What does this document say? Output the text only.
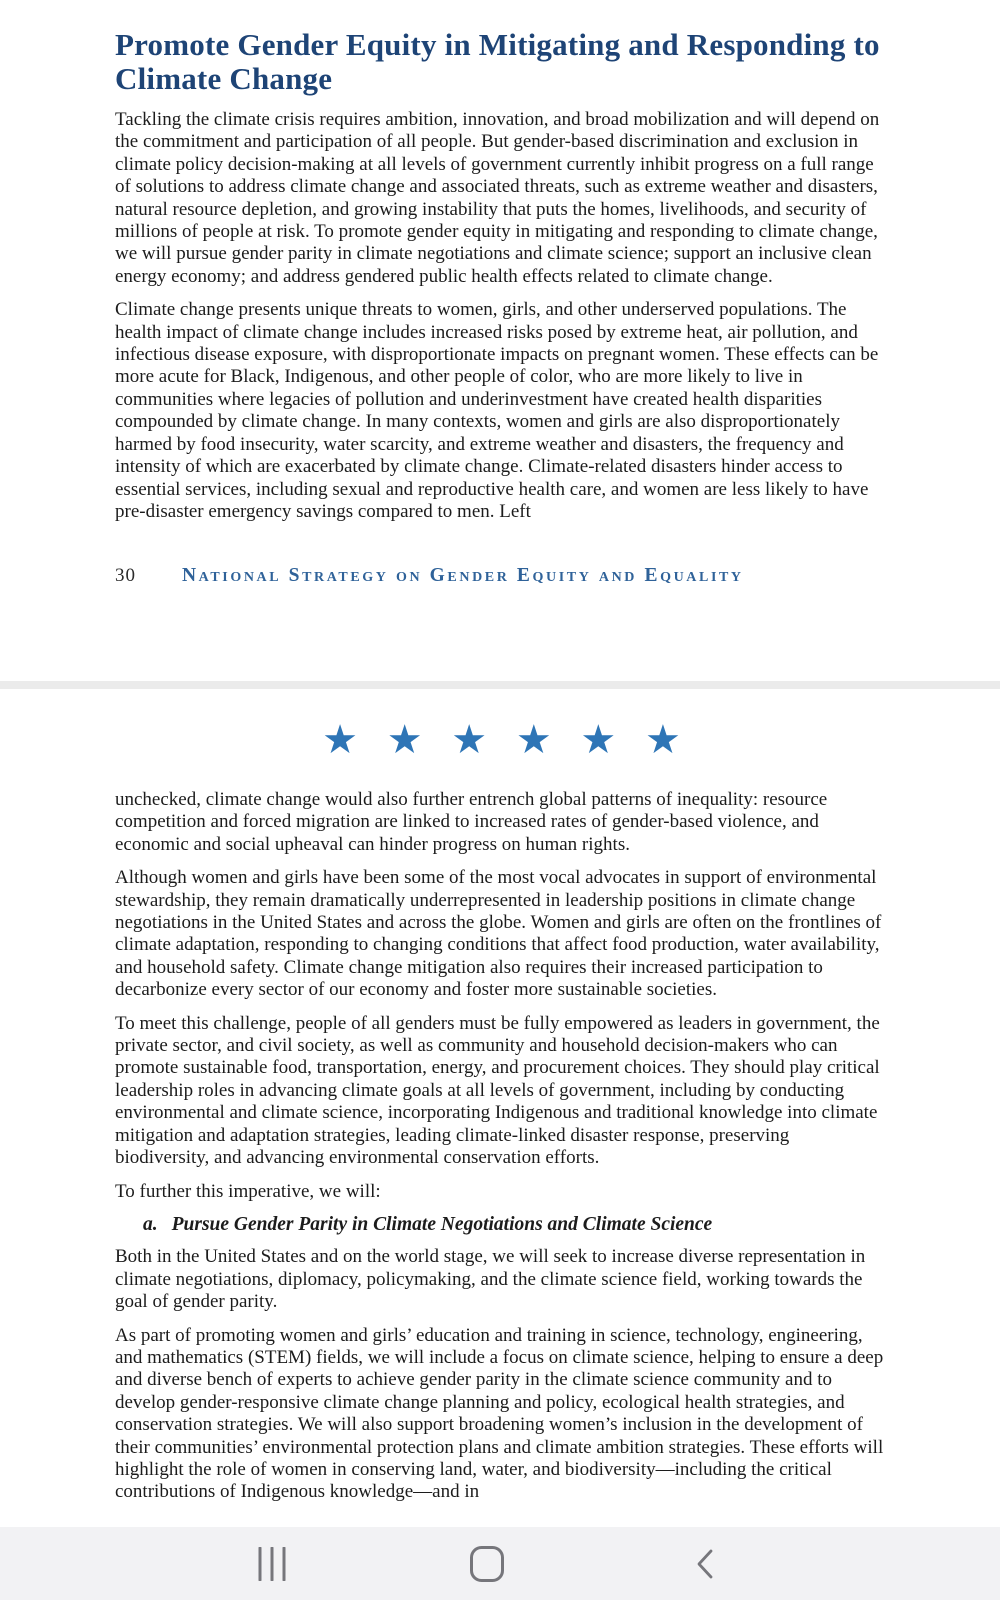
Promote Gender Equity in Mitigating and Responding to
Climate Change

Tackling the climate crisis requires ambition, innovation, and broad mobilization and will depend on the commitment and participation of all people. But gender-based discrimination and exclusion in climate policy decision-making at all levels of government currently inhibit progress on a full range of solutions to address climate change and associated threats, such as extreme weather and disasters, natural resource depletion, and growing instability that puts the homes, livelihoods, and security of millions of people at risk. To promote gender equity in mitigating and responding to climate change, we will pursue gender parity in climate negotiations and climate science; support an inclusive clean energy economy; and address gendered public health effects related to climate change.

Climate change presents unique threats to women, girls, and other underserved populations. The health impact of climate change includes increased risks posed by extreme heat, air pollution, and infectious disease exposure, with disproportionate impacts on pregnant women. These effects can be more acute for Black, Indigenous, and other people of color, who are more likely to live in communities where legacies of pollution and underinvestment have created health disparities compounded by climate change. In many contexts, women and girls are also disproportionately harmed by food insecurity, water scarcity, and extreme weather and disasters, the frequency and intensity of which are exacerbated by climate change. Climate-related disasters hinder access to essential services, including sexual and reproductive health care, and women are less likely to have pre-disaster emergency savings compared to men. Left

30 National Strategy on Gender Equity and Equality
★ ★ ★ ★ ★ ★

unchecked, climate change would also further entrench global patterns of inequality: resource competition and forced migration are linked to increased rates of gender-based violence, and economic and social upheaval can hinder progress on human rights.

Although women and girls have been some of the most vocal advocates in support of environmental stewardship, they remain dramatically underrepresented in leadership positions in climate change negotiations in the United States and across the globe. Women and girls are often on the frontlines of climate adaptation, responding to changing conditions that affect food production, water availability, and household safety. Climate change mitigation also requires their increased participation to decarbonize every sector of our economy and foster more sustainable societies.

To meet this challenge, people of all genders must be fully empowered as leaders in government, the private sector, and civil society, as well as community and household decision-makers who can promote sustainable food, transportation, energy, and procurement choices. They should play critical leadership roles in advancing climate goals at all levels of government, including by conducting environmental and climate science, incorporating Indigenous and traditional knowledge into climate mitigation and adaptation strategies, leading climate-linked disaster response, preserving biodiversity, and advancing environmental conservation efforts.

To further this imperative, we will:

a. Pursue Gender Parity in Climate Negotiations and Climate Science

Both in the United States and on the world stage, we will seek to increase diverse representation in climate negotiations, diplomacy, policymaking, and the climate science field, working towards the goal of gender parity.

As part of promoting women and girls’ education and training in science, technology, engineering, and mathematics (STEM) fields, we will include a focus on climate science, helping to ensure a deep and diverse bench of experts to achieve gender parity in the climate science community and to develop gender-responsive climate change planning and policy, ecological health strategies, and conservation strategies. We will also support broadening women’s inclusion in the development of their communities’ environmental protection plans and climate ambition strategies. These efforts will highlight the role of women in conserving land, water, and biodiversity—including the critical contributions of Indigenous knowledge—and in
